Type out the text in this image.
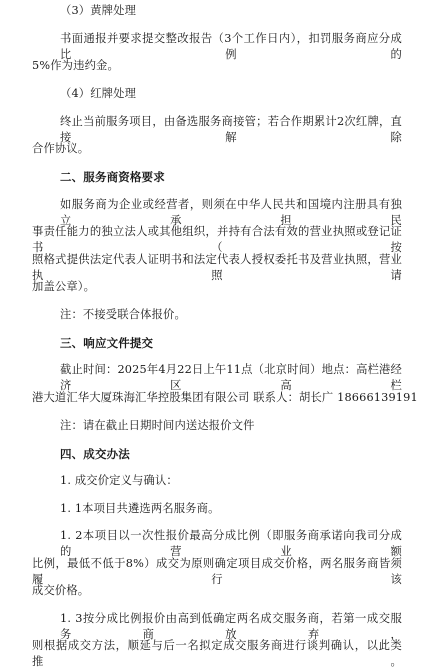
（3）黄牌处理
书面通报并要求提交整改报告（3个工作日内），扣罚服务商应分成比例的
5%作为违约金。
（4）红牌处理
终止当前服务项目，由备选服务商接管；若合作期累计2次红牌，直接解除
合作协议。
二、服务商资格要求
如服务商为企业或经营者，则须在中华人民共和国境内注册具有独立承担民
事责任能力的独立法人或其他组织，并持有合法有效的营业执照或登记证书（按
照格式提供法定代表人证明书和法定代表人授权委托书及营业执照，营业执照请
加盖公章）。
注：不接受联合体报价。
三、响应文件提交
截止时间：2025年4月22日上午11点（北京时间）地点：高栏港经济区高栏
港大道汇华大厦珠海汇华控股集团有限公司 联系人：胡长广 18666139191
注：请在截止日期时间内送达报价文件
四、成交办法
1. 成交价定义与确认：
1. 1本项目共遴选两名服务商。
1. 2本项目以一次性报价最高分成比例（即服务商承诺向我司分成的营业额
比例，最低不低于8%）成交为原则确定项目成交价格，两名服务商皆须履行该
成交价格。
1. 3按分成比例报价由高到低确定两名成交服务商，若第一成交服务商放弃，
则根据成交方法，顺延与后一名拟定成交服务商进行谈判确认，以此类推。
